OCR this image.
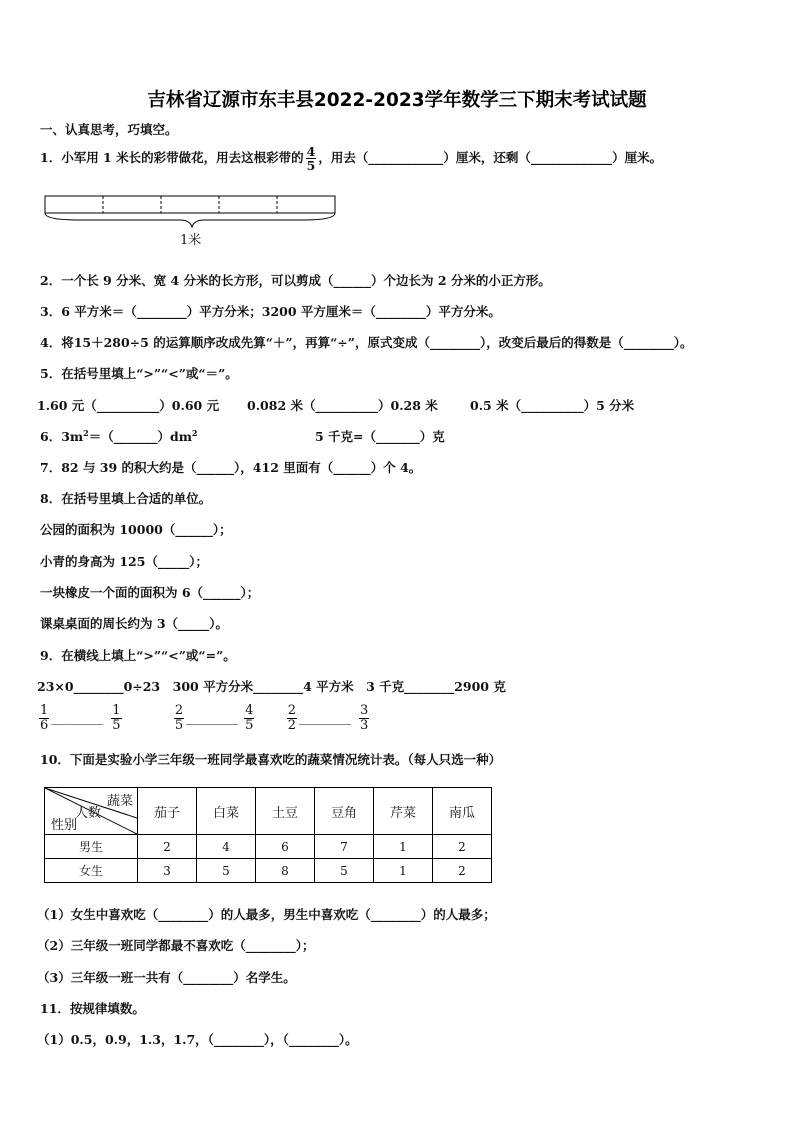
吉林省辽源市东丰县2022-2023学年数学三下期末考试试题
一、认真思考，巧填空。
1．小军用 1 米长的彩带做花，用去这根彩带的 $\frac{4}{5}$ ，用去（____________）厘米，还剩（_____________）厘米。
1米
2．一个长 9 分米、宽 4 分米的长方形，可以剪成（______）个边长为 2 分米的小正方形。
3．6 平方米＝（________）平方分米；3200 平方厘米＝（________）平方分米。
4．将15＋280÷5 的运算顺序改成先算“＋”，再算“÷”，原式变成（________），改变后最后的得数是（________）。
5．在括号里填上“>”“<”或“＝”。
1.60 元（__________）0.60 元 0.082 米（__________）0.28 米	0.5 米（__________）5 分米
6．$3m^2=(\_\_\_\_\_\_\_)dm^2$	5 千克=（_______）克
7．82 与 39 的积大约是（______），412 里面有（______）个 4。
8．在括号里填上合适的单位。
公园的面积为 10000（______）；
小青的身高为 125（_____）；
一块橡皮一个面的面积为 6（______）；
课桌桌面的周长约为 3（_____）。
9．在横线上填上“>”“<”或“=”。
23×0________0÷23　300 平方分米________4 平方米　3 千克________2900 克
$\frac{1}{6}$ ________ $\frac{1}{5}$
	$\frac{2}{5}$ ________ $\frac{4}{5}$
$\frac{2}{2}$ ________ $\frac{3}{3}$
10．下面是实验小学三年级一班同学最喜欢吃的蔬菜情况统计表。（每人只选一种）
蔬菜
人数
性别	茄子	白菜	土豆	豆角	芹菜	南瓜
男生	2	4	6	7	1	2
女生	3	5	8	5	1	2
（1）女生中喜欢吃（________）的人最多，男生中喜欢吃（________）的人最多；
（2）三年级一班同学都最不喜欢吃（________）；
（3）三年级一班一共有（________）名学生。
11．按规律填数。
（1）0.5，0.9，1.3，1.7，（________），（________）。
